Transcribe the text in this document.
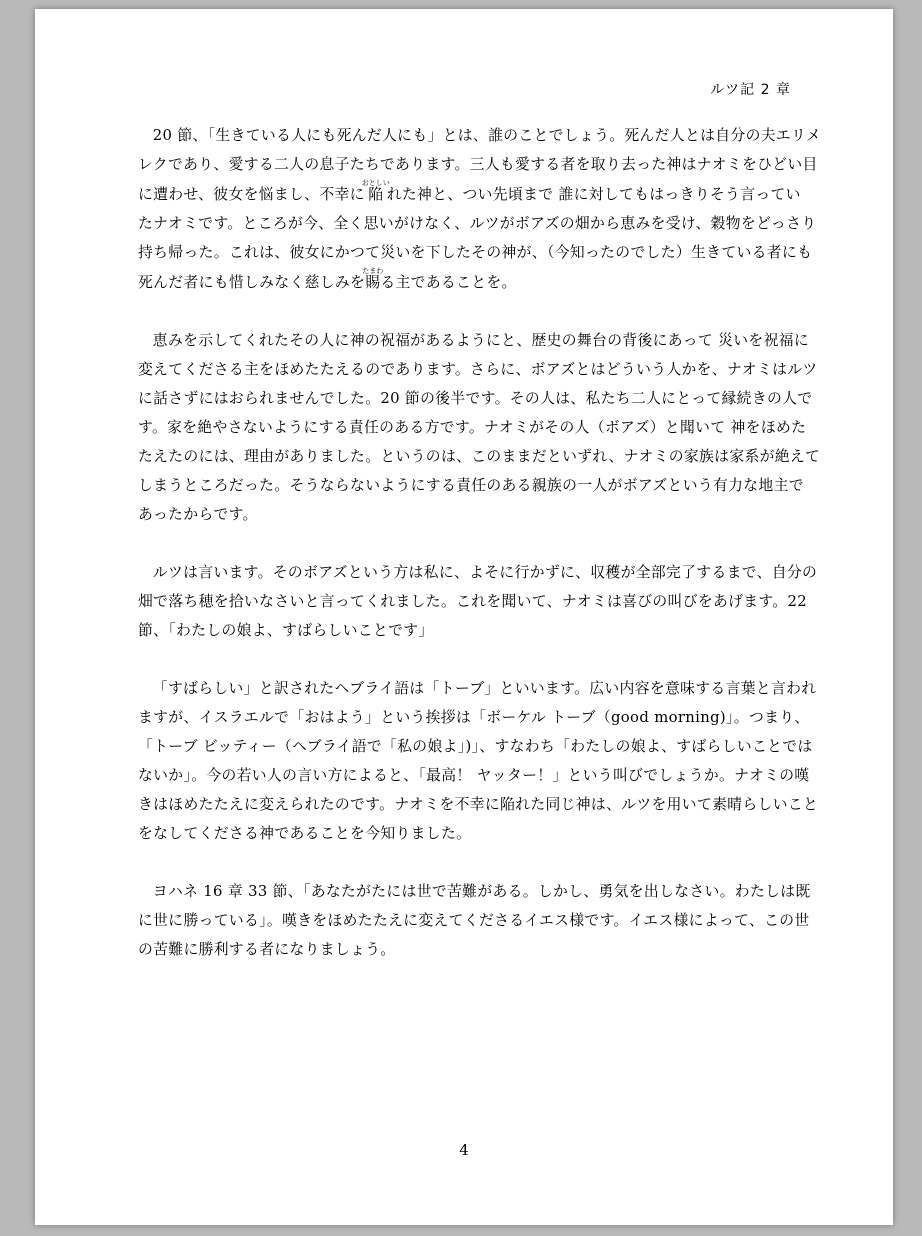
ルツ記 2 章

20 節、「生きている人にも死んだ人にも」とは、誰のことでしょう。死んだ人とは自分の夫エリメ
レクであり、愛する二人の息子たちであります。三人も愛する者を取り去った神はナオミをひどい目
に遭わせ、彼女を悩まし、不幸に陥おとしいれた神と、つい先頃まで 誰に対してもはっきりそう言ってい
たナオミです。ところが今、全く思いがけなく、ルツがボアズの畑から恵みを受け、穀物をどっさり
持ち帰った。これは、彼女にかつて災いを下したその神が、（今知ったのでした）生きている者にも
死んだ者にも惜しみなく慈しみを賜たまわる主であることを。

恵みを示してくれたその人に神の祝福があるようにと、歴史の舞台の背後にあって 災いを祝福に
変えてくださる主をほめたたえるのであります。さらに、ボアズとはどういう人かを、ナオミはルツ
に話さずにはおられませんでした。20 節の後半です。その人は、私たち二人にとって縁続きの人で
す。家を絶やさないようにする責任のある方です。ナオミがその人（ボアズ）と聞いて 神をほめた
たえたのには、理由がありました。というのは、このままだといずれ、ナオミの家族は家系が絶えて
しまうところだった。そうならないようにする責任のある親族の一人がボアズという有力な地主で
あったからです。

ルツは言います。そのボアズという方は私に、よそに行かずに、収穫が全部完了するまで、自分の
畑で落ち穂を拾いなさいと言ってくれました。これを聞いて、ナオミは喜びの叫びをあげます。22
節、「わたしの娘よ、すばらしいことです」

「すばらしい」と訳されたヘブライ語は「トーブ」といいます。広い内容を意味する言葉と言われ
ますが、イスラエルで「おはよう」という挨拶は「ボーケル トーブ（good morning)」。つまり、
「トーブ ビッティー（ヘブライ語で「私の娘よ」)」、すなわち「わたしの娘よ、すばらしいことでは
ないか」。今の若い人の言い方によると、「最高！ ヤッター！」という叫びでしょうか。ナオミの嘆
きはほめたたえに変えられたのです。ナオミを不幸に陥れた同じ神は、ルツを用いて素晴らしいこと
をなしてくださる神であることを今知りました。

ヨハネ 16 章 33 節、「あなたがたには世で苦難がある。しかし、勇気を出しなさい。わたしは既
に世に勝っている」。嘆きをほめたたえに変えてくださるイエス様です。イエス様によって、この世
の苦難に勝利する者になりましょう。

4
